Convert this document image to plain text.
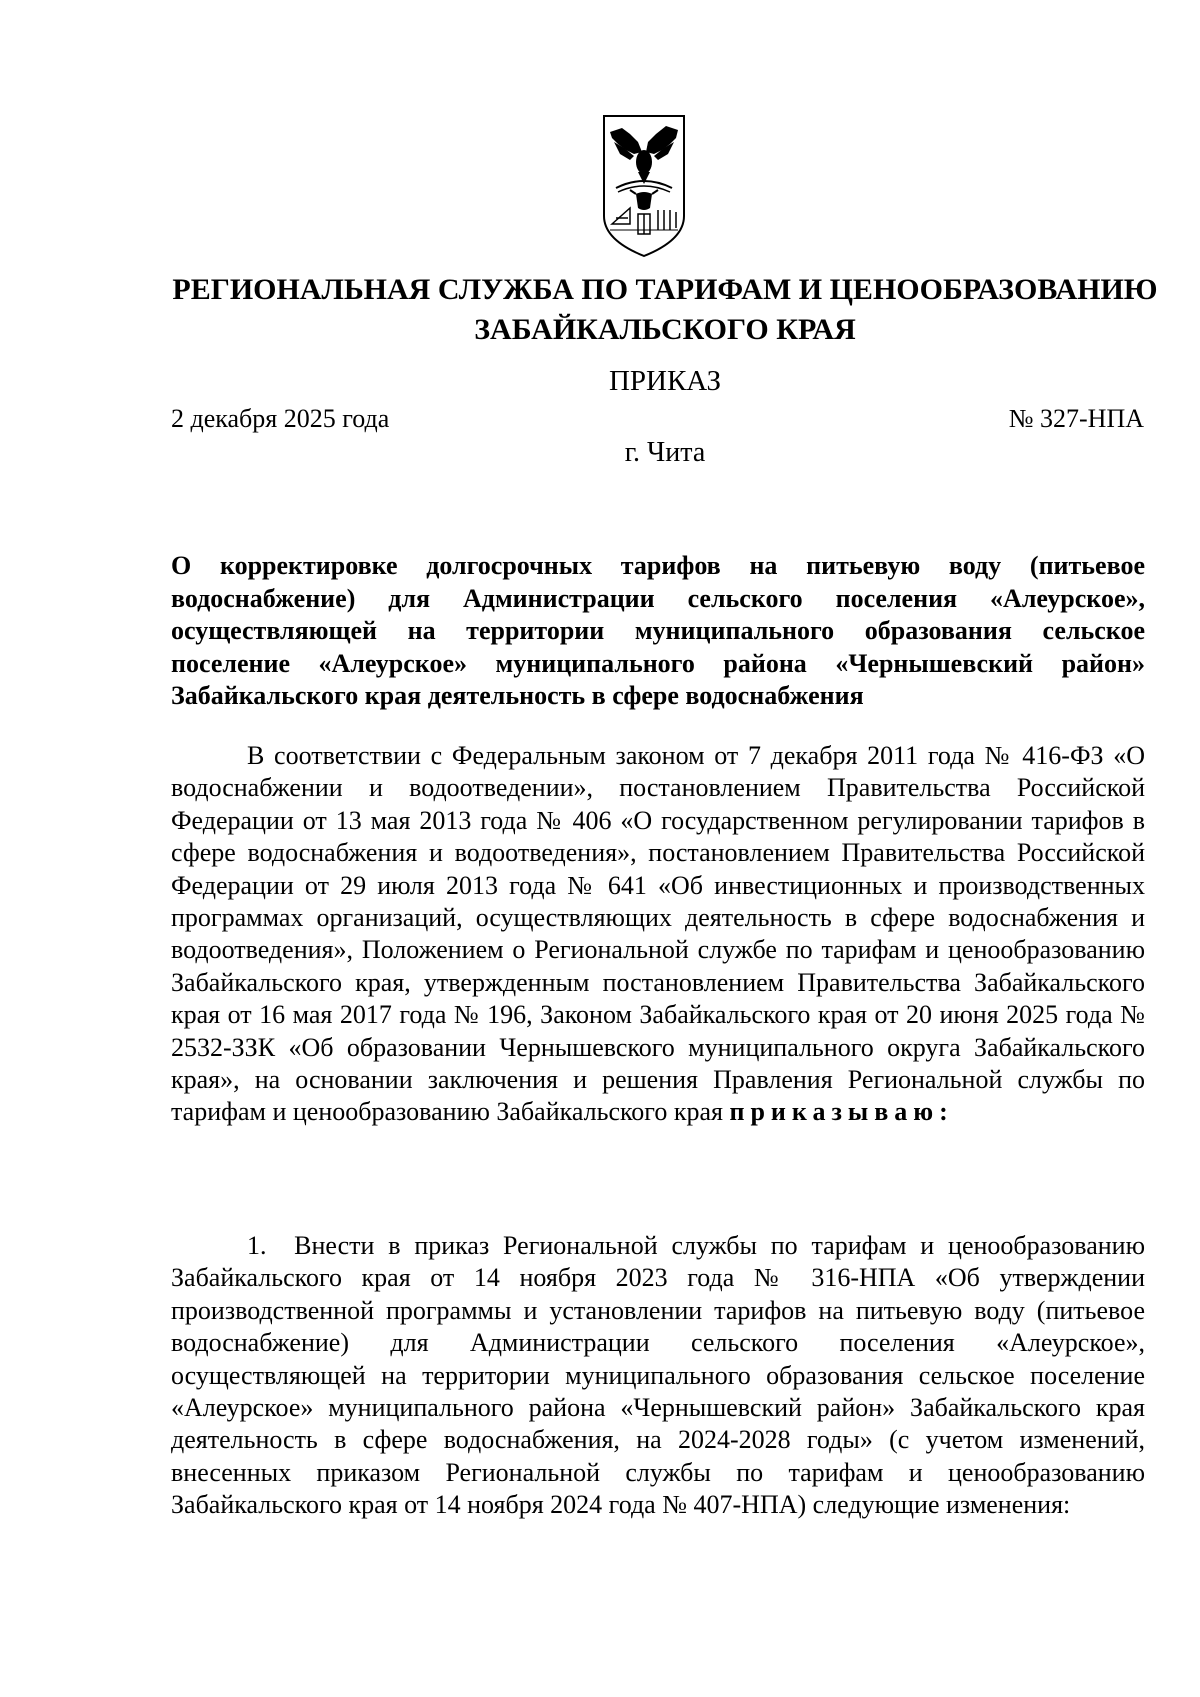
РЕГИОНАЛЬНАЯ СЛУЖБА ПО ТАРИФАМ И ЦЕНООБРАЗОВАНИЮ ЗАБАЙКАЛЬСКОГО КРАЯ
ПРИКАЗ
2 декабря 2025 года	№ 327-НПА
г. Чита
О корректировке долгосрочных тарифов на питьевую воду (питьевое водоснабжение) для Администрации сельского поселения «Алеурское», осуществляющей на территории муниципального образования сельское поселение «Алеурское» муниципального района «Чернышевский район» Забайкальского края деятельность в сфере водоснабжения
В соответствии с Федеральным законом от 7 декабря 2011 года № 416-ФЗ «О водоснабжении и водоотведении», постановлением Правительства Российской Федерации от 13 мая 2013 года № 406 «О государственном регулировании тарифов в сфере водоснабжения и водоотведения», постановлением Правительства Российской Федерации от 29 июля 2013 года № 641 «Об инвестиционных и производственных программах организаций, осуществляющих деятельность в сфере водоснабжения и водоотведения», Положением о Региональной службе по тарифам и ценообразованию Забайкальского края, утвержденным постановлением Правительства Забайкальского края от 16 мая 2017 года № 196, Законом Забайкальского края от 20 июня 2025 года № 2532-ЗЗК «Об образовании Чернышевского муниципального округа Забайкальского края», на основании заключения и решения Правления Региональной службы по тарифам и ценообразованию Забайкальского края приказываю:
1. Внести в приказ Региональной службы по тарифам и ценообразованию Забайкальского края от 14 ноября 2023 года № 316-НПА «Об утверждении производственной программы и установлении тарифов на питьевую воду (питьевое водоснабжение) для Администрации сельского поселения «Алеурское», осуществляющей на территории муниципального образования сельское поселение «Алеурское» муниципального района «Чернышевский район» Забайкальского края деятельность в сфере водоснабжения, на 2024-2028 годы» (с учетом изменений, внесенных приказом Региональной службы по тарифам и ценообразованию Забайкальского края от 14 ноября 2024 года № 407-НПА) следующие изменения:
